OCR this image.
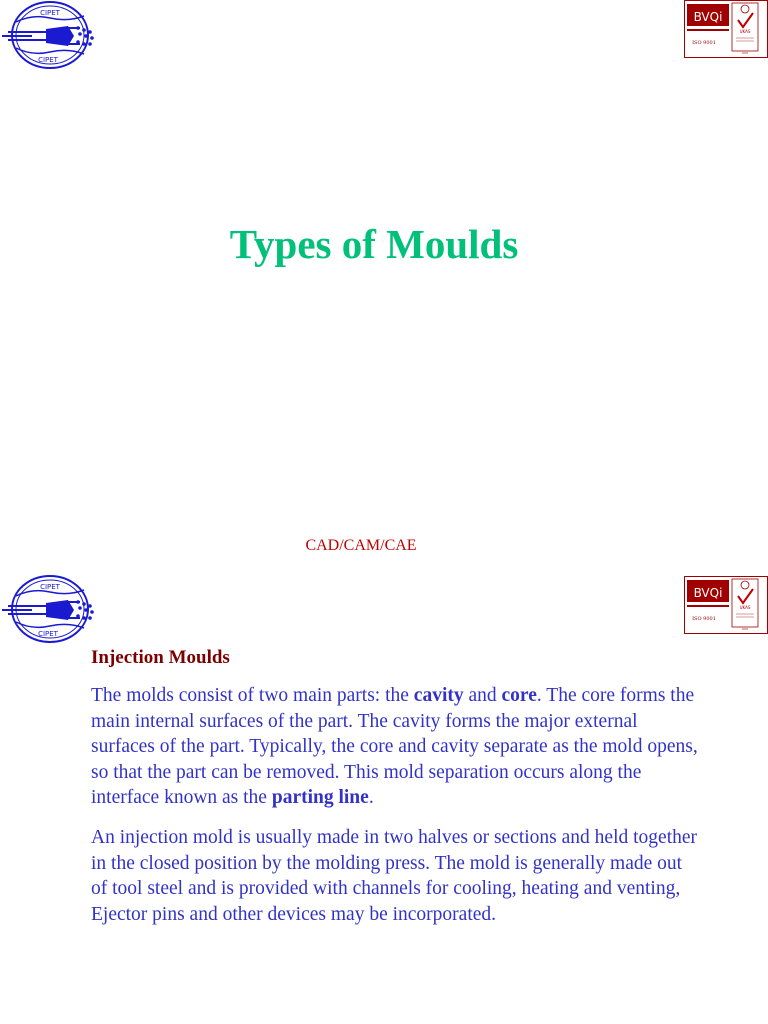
CIPET
CIPET
BVQi
ISO 9001
UKAS
Types of Moulds
CAD/CAM/CAE
CIPET
CIPET
BVQi
ISO 9001
UKAS
Injection Moulds

The molds consist of two main parts: the cavity and core. The core forms the main internal surfaces of the part. The cavity forms the major external surfaces of the part. Typically, the core and cavity separate as the mold opens, so that the part can be removed. This mold separation occurs along the interface known as the parting line.

An injection mold is usually made in two halves or sections and held together in the closed position by the molding press. The mold is generally made out of tool steel and is provided with channels for cooling, heating and venting, Ejector pins and other devices may be incorporated.
